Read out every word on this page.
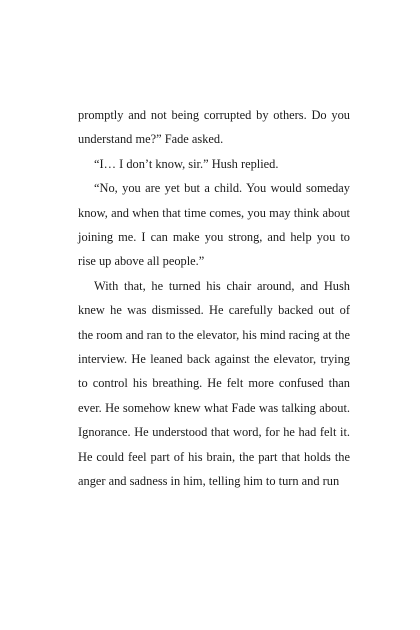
promptly and not being corrupted by others. Do you understand me?” Fade asked.

“I… I don’t know, sir.” Hush replied.

“No, you are yet but a child. You would someday know, and when that time comes, you may think about joining me. I can make you strong, and help you to rise up above all people.”

With that, he turned his chair around, and Hush knew he was dismissed. He carefully backed out of the room and ran to the elevator, his mind racing at the interview. He leaned back against the elevator, trying to control his breathing. He felt more confused than ever. He somehow knew what Fade was talking about. Ignorance. He understood that word, for he had felt it. He could feel part of his brain, the part that holds the anger and sadness in him, telling him to turn and run
